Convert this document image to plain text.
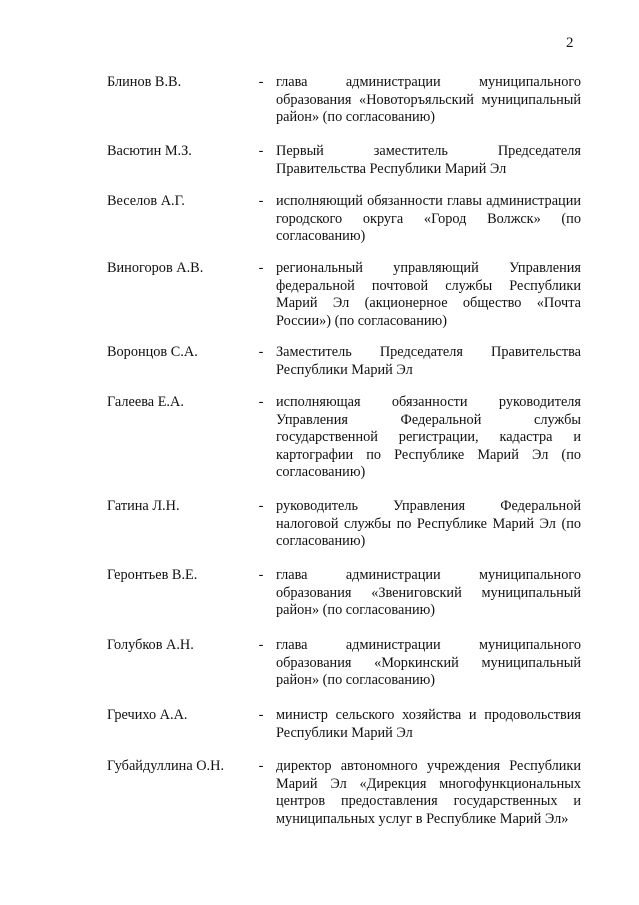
2
Блинов В.В.	- глава администрации муниципального образования «Новоторъяльский муниципальный район» (по согласованию)
Васютин М.З.	- Первый заместитель Председателя Правительства Республики Марий Эл
Веселов А.Г.	- исполняющий обязанности главы администрации городского округа «Город Волжск» (по согласованию)
Виногоров А.В.	- региональный управляющий Управления федеральной почтовой службы Республики Марий Эл (акционерное общество «Почта России») (по согласованию)
Воронцов С.А.	- Заместитель Председателя Правительства Республики Марий Эл
Галеева Е.А.	- исполняющая обязанности руководителя Управления Федеральной службы государственной регистрации, кадастра и картографии по Республике Марий Эл (по согласованию)
Гатина Л.Н.	- руководитель Управления Федеральной налоговой службы по Республике Марий Эл (по согласованию)
Геронтьев В.Е.	- глава администрации муниципального образования «Звениговский муниципальный район» (по согласованию)
Голубков А.Н.	- глава администрации муниципального образования «Моркинский муниципальный район» (по согласованию)
Гречихо А.А.	- министр сельского хозяйства и продовольствия Республики Марий Эл
Губайдуллина О.Н.	- директор автономного учреждения Республики Марий Эл «Дирекция многофункциональных центров предоставления государственных и муниципальных услуг в Республике Марий Эл»
